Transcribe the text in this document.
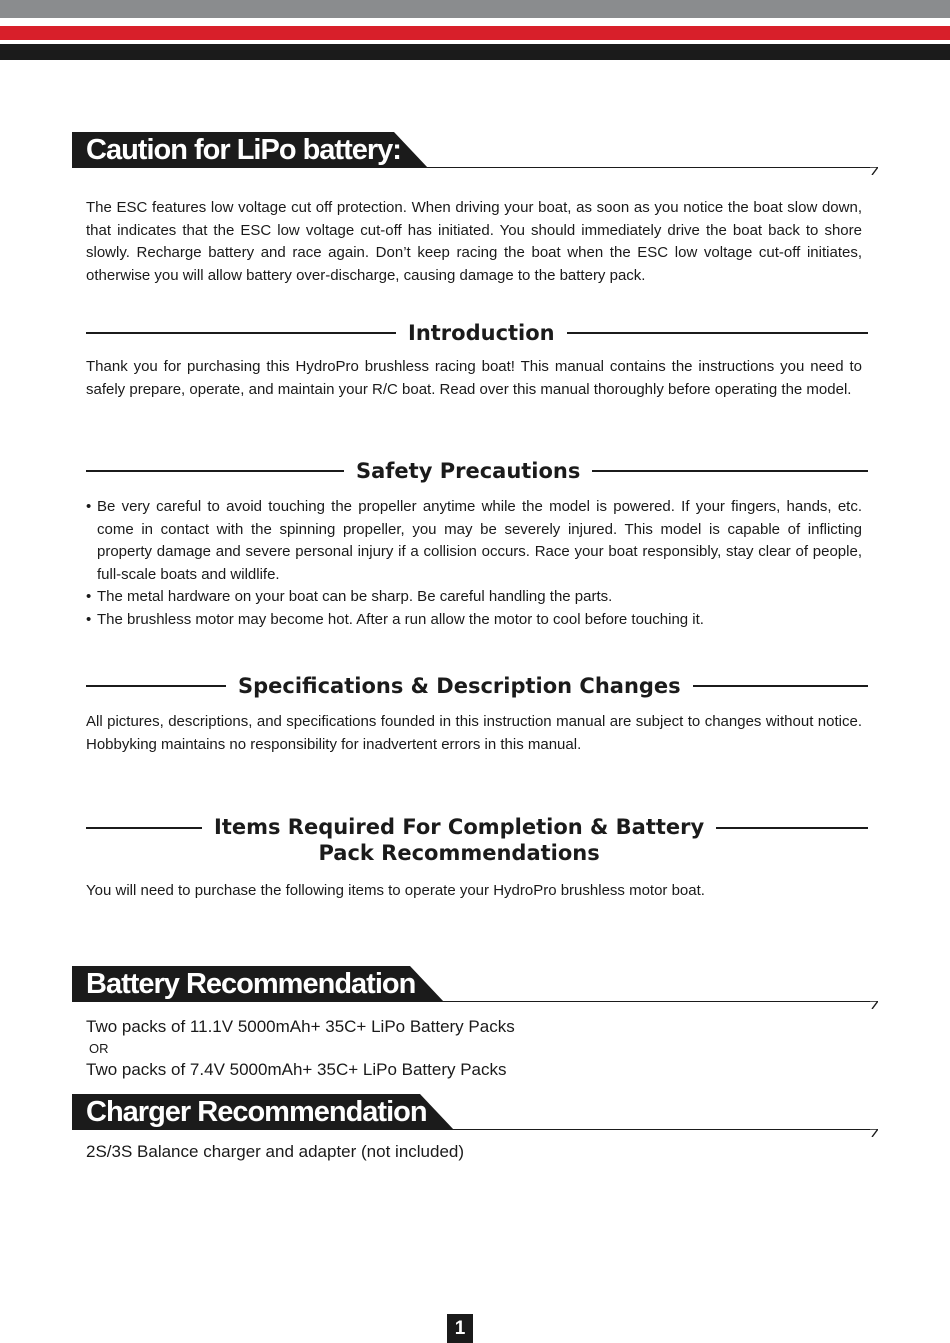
Caution for LiPo battery:

The ESC features low voltage cut off protection. When driving your boat, as soon as you notice the boat slow down, that indicates that the ESC low voltage cut-off has initiated. You should immediately drive the boat back to shore slowly. Recharge battery and race again. Don’t keep racing the boat when the ESC low voltage cut-off initiates, otherwise you will allow battery over-discharge, causing damage to the battery pack.

Introduction

Thank you for purchasing this HydroPro brushless racing boat! This manual contains the instructions you need to safely prepare, operate, and maintain your R/C boat. Read over this manual thoroughly before operating the model.

Safety Precautions
• Be very careful to avoid touching the propeller anytime while the model is powered. If your fingers, hands, etc. come in contact with the spinning propeller, you may be severely injured. This model is capable of inflicting property damage and severe personal injury if a collision occurs. Race your boat responsibly, stay clear of people, full-scale boats and wildlife.
• The metal hardware on your boat can be sharp. Be careful handling the parts.
• The brushless motor may become hot. After a run allow the motor to cool before touching it.
Specifications & Description Changes

All pictures, descriptions, and specifications founded in this instruction manual are subject to changes without notice. Hobbyking maintains no responsibility for inadvertent errors in this manual.

Items Required For Completion & Battery
Pack Recommendations

You will need to purchase the following items to operate your HydroPro brushless motor boat.

Battery Recommendation
Two packs of 11.1V 5000mAh+ 35C+ LiPo Battery Packs
OR
Two packs of 7.4V 5000mAh+ 35C+ LiPo Battery Packs
Charger Recommendation
2S/3S Balance charger and adapter (not included)
1
